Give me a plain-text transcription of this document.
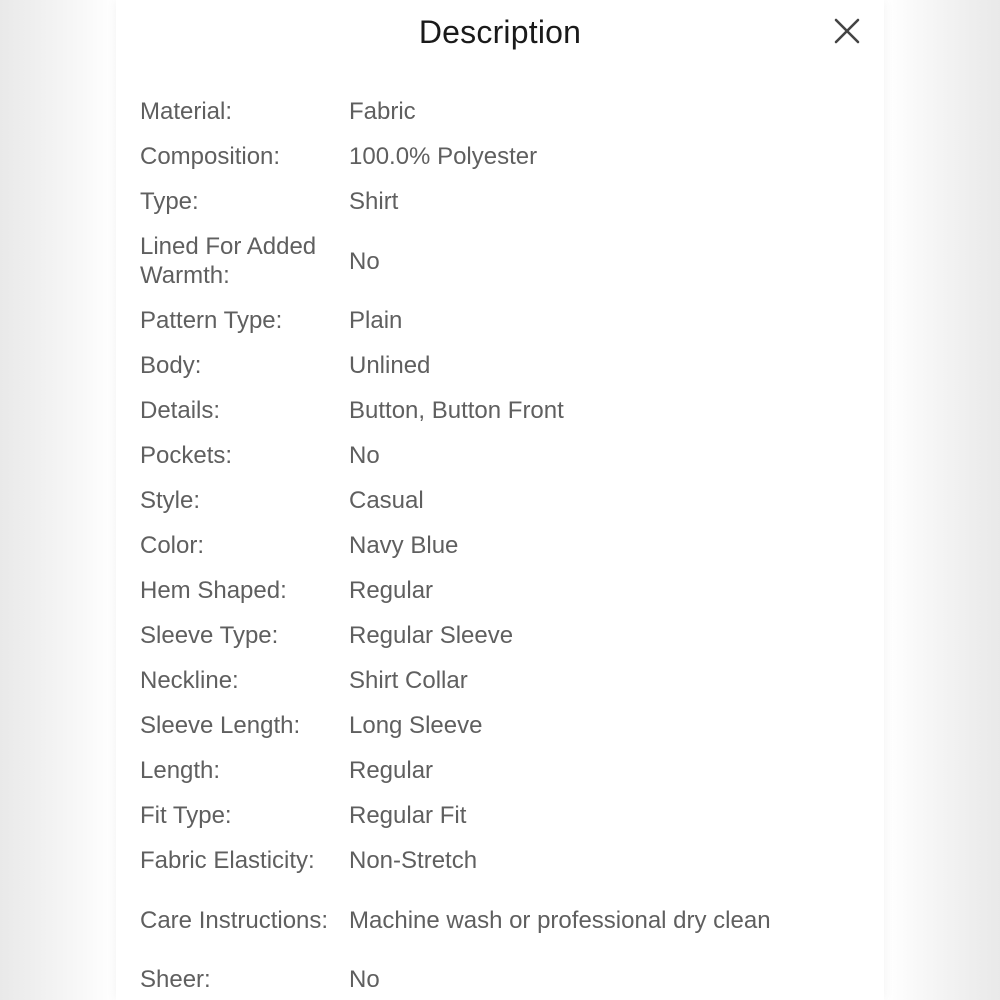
Description
Material:	Fabric
Composition:	100.0% Polyester
Type:	Shirt
Lined For Added Warmth:	No
Pattern Type:	Plain
Body:	Unlined
Details:	Button, Button Front
Pockets:	No
Style:	Casual
Color:	Navy Blue
Hem Shaped:	Regular
Sleeve Type:	Regular Sleeve
Neckline:	Shirt Collar
Sleeve Length:	Long Sleeve
Length:	Regular
Fit Type:	Regular Fit
Fabric Elasticity:	Non-Stretch
Care Instructions:	Machine wash or professional dry clean
Sheer:	No
